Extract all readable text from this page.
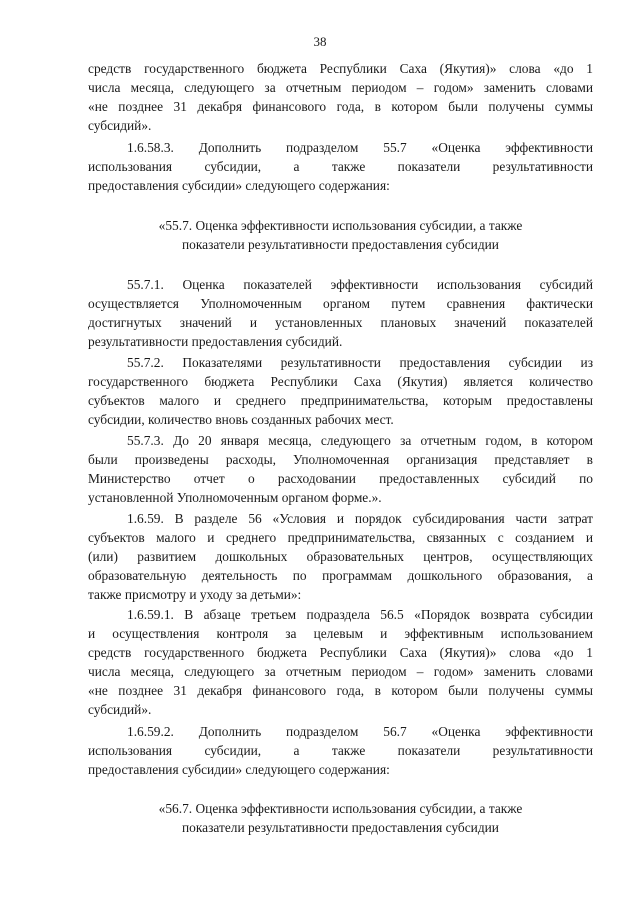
38
средств государственного бюджета Республики Саха (Якутия)» слова «до 1
числа месяца, следующего за отчетным периодом – годом» заменить словами
«не позднее 31 декабря финансового года, в котором были получены суммы
субсидий».
1.6.58.3. Дополнить подразделом 55.7 «Оценка эффективности
использования субсидии, а также показатели результативности
предоставления субсидии» следующего содержания:
«55.7. Оценка эффективности использования субсидии, а также
показатели результативности предоставления субсидии
55.7.1. Оценка показателей эффективности использования субсидий
осуществляется Уполномоченным органом путем сравнения фактически
достигнутых значений и установленных плановых значений показателей
результативности предоставления субсидий.
55.7.2. Показателями результативности предоставления субсидии из
государственного бюджета Республики Саха (Якутия) является количество
субъектов малого и среднего предпринимательства, которым предоставлены
субсидии, количество вновь созданных рабочих мест.
55.7.3. До 20 января месяца, следующего за отчетным годом, в котором
были произведены расходы, Уполномоченная организация представляет в
Министерство отчет о расходовании предоставленных субсидий по
установленной Уполномоченным органом форме.».
1.6.59. В разделе 56 «Условия и порядок субсидирования части затрат
субъектов малого и среднего предпринимательства, связанных с созданием и
(или) развитием дошкольных образовательных центров, осуществляющих
образовательную деятельность по программам дошкольного образования, а
также присмотру и уходу за детьми»:
1.6.59.1. В абзаце третьем подраздела 56.5 «Порядок возврата субсидии
и осуществления контроля за целевым и эффективным использованием
средств государственного бюджета Республики Саха (Якутия)» слова «до 1
числа месяца, следующего за отчетным периодом – годом» заменить словами
«не позднее 31 декабря финансового года, в котором были получены суммы
субсидий».
1.6.59.2. Дополнить подразделом 56.7 «Оценка эффективности
использования субсидии, а также показатели результативности
предоставления субсидии» следующего содержания:
«56.7. Оценка эффективности использования субсидии, а также
показатели результативности предоставления субсидии
